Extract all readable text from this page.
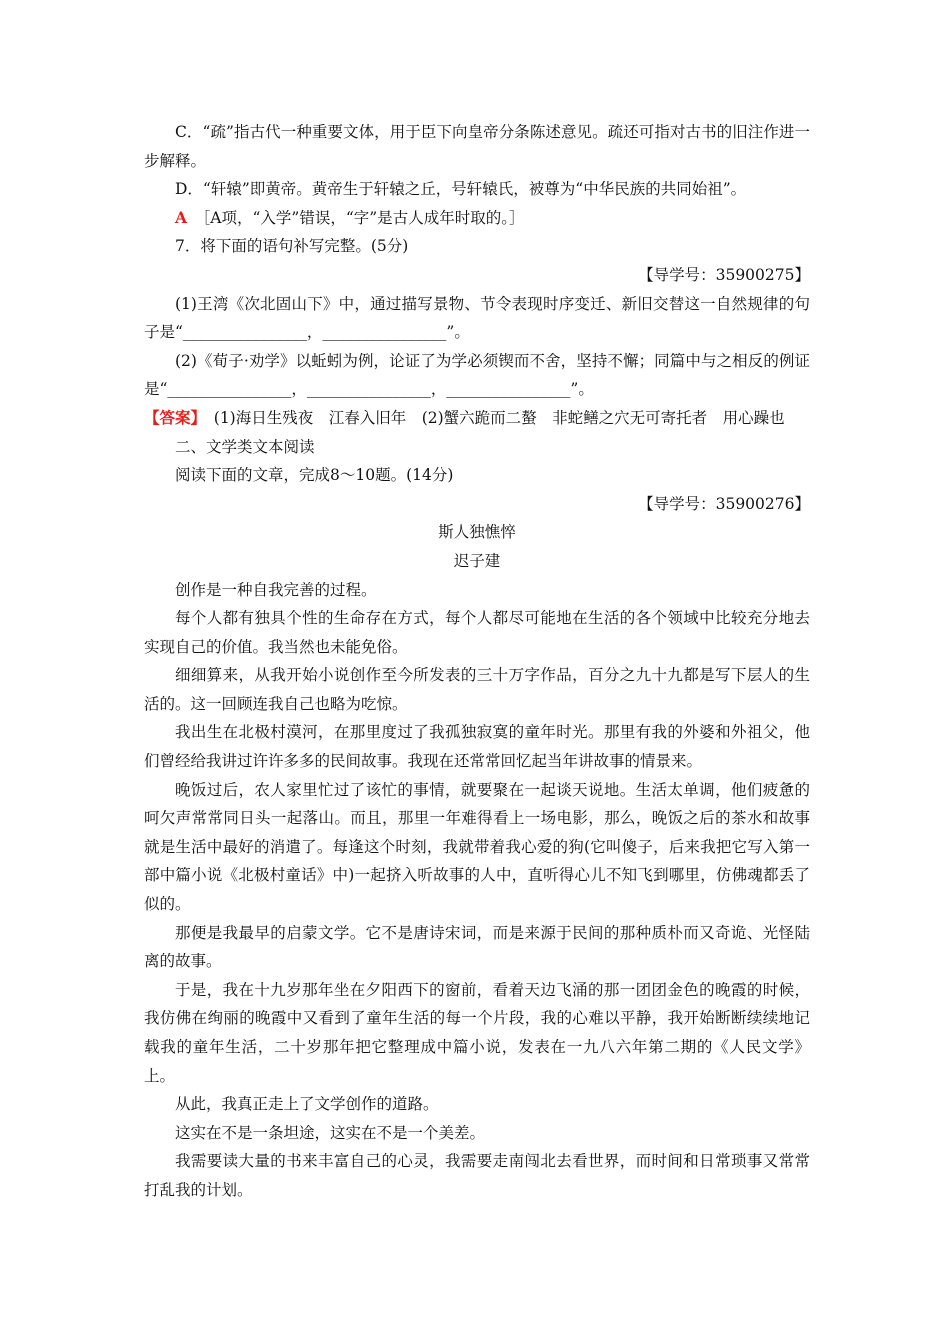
C．“疏”指古代一种重要文体，用于臣下向皇帝分条陈述意见。疏还可指对古书的旧注作进一步解释。

D．“轩辕”即黄帝。黄帝生于轩辕之丘，号轩辕氏，被尊为“中华民族的共同始祖”。

A　 ［A项，“入学”错误，“字”是古人成年时取的。］

7．将下面的语句补写完整。(5分)

【导学号：35900275】

(1)王湾《次北固山下》中，通过描写景物、节令表现时序变迁、新旧交替这一自然规律的句子是“________________，________________”。

(2)《荀子·劝学》以蚯蚓为例，论证了为学必须锲而不舍，坚持不懈；同篇中与之相反的例证是“________________，________________，________________”。

【答案】　(1)海日生残夜　江春入旧年　(2)蟹六跪而二螯　非蛇鳝之穴无可寄托者　用心躁也

二、文学类文本阅读

阅读下面的文章，完成8～10题。(14分)

【导学号：35900276】

斯人独憔悴

迟子建

创作是一种自我完善的过程。

每个人都有独具个性的生命存在方式，每个人都尽可能地在生活的各个领域中比较充分地去实现自己的价值。我当然也未能免俗。

细细算来，从我开始小说创作至今所发表的三十万字作品，百分之九十九都是写下层人的生活的。这一回顾连我自己也略为吃惊。

我出生在北极村漠河，在那里度过了我孤独寂寞的童年时光。那里有我的外婆和外祖父，他们曾经给我讲过许许多多的民间故事。我现在还常常回忆起当年讲故事的情景来。

晚饭过后，农人家里忙过了该忙的事情，就要聚在一起谈天说地。生活太单调，他们疲惫的呵欠声常常同日头一起落山。而且，那里一年难得看上一场电影，那么，晚饭之后的茶水和故事就是生活中最好的消遣了。每逢这个时刻，我就带着我心爱的狗(它叫傻子，后来我把它写入第一部中篇小说《北极村童话》中)一起挤入听故事的人中，直听得心儿不知飞到哪里，仿佛魂都丢了似的。

那便是我最早的启蒙文学。它不是唐诗宋词，而是来源于民间的那种质朴而又奇诡、光怪陆离的故事。

于是，我在十九岁那年坐在夕阳西下的窗前，看着天边飞涌的那一团团金色的晚霞的时候，我仿佛在绚丽的晚霞中又看到了童年生活的每一个片段，我的心难以平静，我开始断断续续地记载我的童年生活，二十岁那年把它整理成中篇小说，发表在一九八六年第二期的《人民文学》上。

从此，我真正走上了文学创作的道路。

这实在不是一条坦途，这实在不是一个美差。

我需要读大量的书来丰富自己的心灵，我需要走南闯北去看世界，而时间和日常琐事又常常打乱我的计划。
